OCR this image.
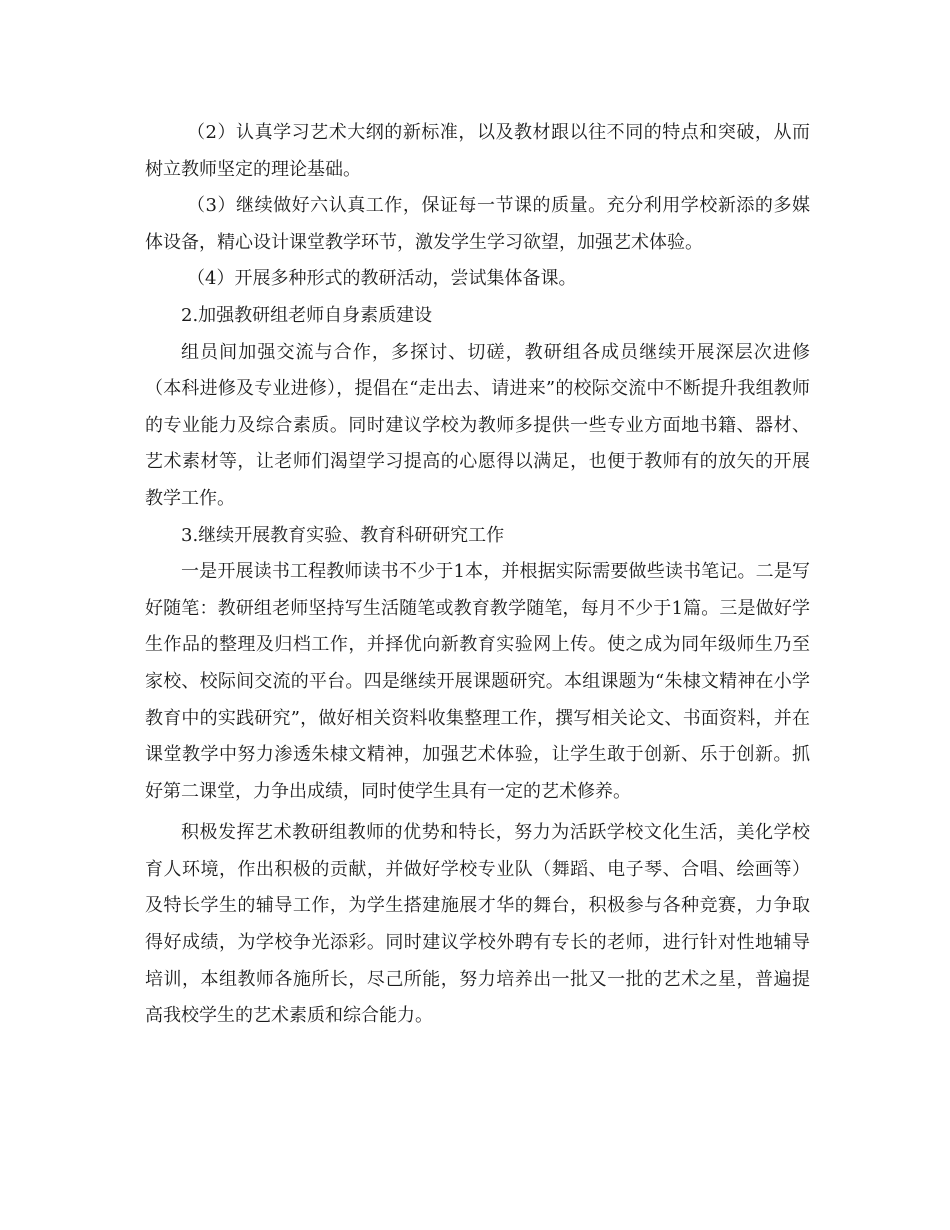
（2）认真学习艺术大纲的新标准，以及教材跟以往不同的特点和突破，从而树立教师坚定的理论基础。

（3）继续做好六认真工作，保证每一节课的质量。充分利用学校新添的多媒体设备，精心设计课堂教学环节，激发学生学习欲望，加强艺术体验。

（4）开展多种形式的教研活动，尝试集体备课。

2.加强教研组老师自身素质建设

组员间加强交流与合作，多探讨、切磋，教研组各成员继续开展深层次进修（本科进修及专业进修），提倡在“走出去、请进来”的校际交流中不断提升我组教师的专业能力及综合素质。同时建议学校为教师多提供一些专业方面地书籍、器材、艺术素材等，让老师们渴望学习提高的心愿得以满足，也便于教师有的放矢的开展教学工作。

3.继续开展教育实验、教育科研研究工作

一是开展读书工程教师读书不少于1本，并根据实际需要做些读书笔记。二是写好随笔：教研组老师坚持写生活随笔或教育教学随笔，每月不少于1篇。三是做好学生作品的整理及归档工作，并择优向新教育实验网上传。使之成为同年级师生乃至家校、校际间交流的平台。四是继续开展课题研究。本组课题为“朱棣文精神在小学教育中的实践研究”，做好相关资料收集整理工作，撰写相关论文、书面资料，并在课堂教学中努力渗透朱棣文精神，加强艺术体验，让学生敢于创新、乐于创新。抓好第二课堂，力争出成绩，同时使学生具有一定的艺术修养。

积极发挥艺术教研组教师的优势和特长，努力为活跃学校文化生活，美化学校育人环境，作出积极的贡献，并做好学校专业队（舞蹈、电子琴、合唱、绘画等）及特长学生的辅导工作，为学生搭建施展才华的舞台，积极参与各种竞赛，力争取得好成绩，为学校争光添彩。同时建议学校外聘有专长的老师，进行针对性地辅导培训，本组教师各施所长，尽己所能，努力培养出一批又一批的艺术之星，普遍提高我校学生的艺术素质和综合能力。
